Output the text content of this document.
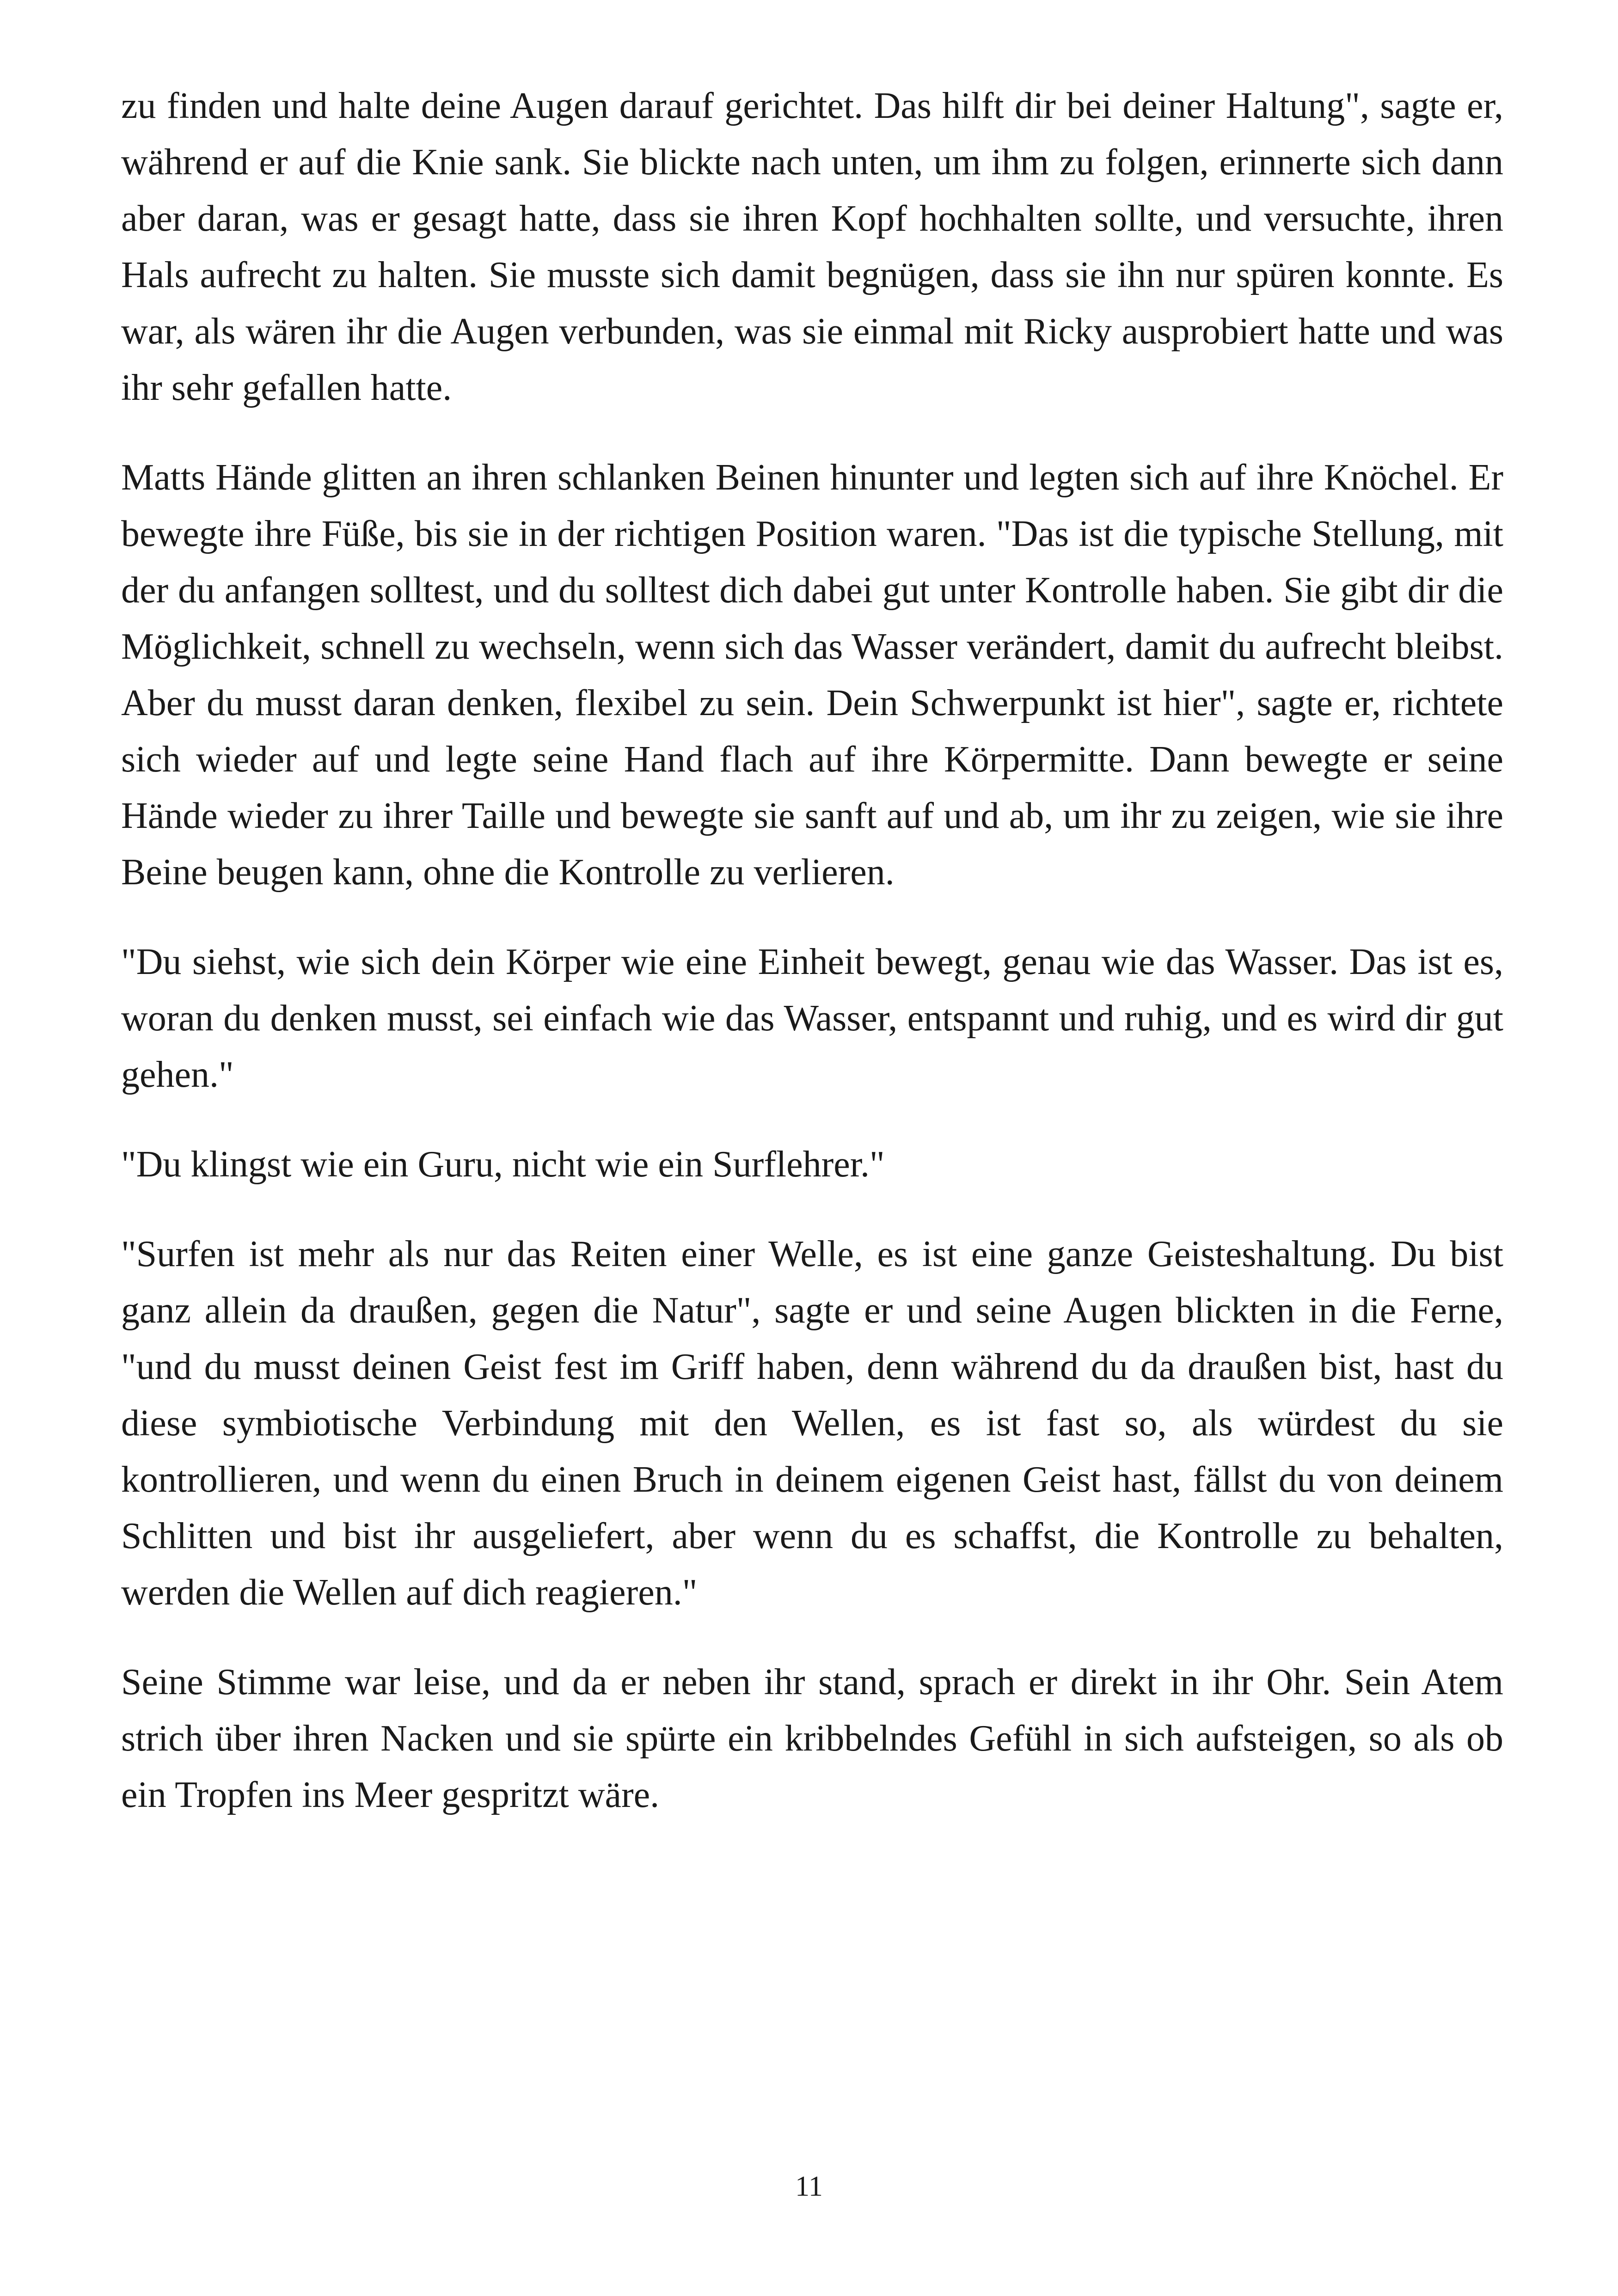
zu finden und halte deine Augen darauf gerichtet. Das hilft dir bei deiner Haltung", sagte er, während er auf die Knie sank. Sie blickte nach unten, um ihm zu folgen, erinnerte sich dann aber daran, was er gesagt hatte, dass sie ihren Kopf hochhalten sollte, und versuchte, ihren Hals aufrecht zu halten. Sie musste sich damit begnügen, dass sie ihn nur spüren konnte. Es war, als wären ihr die Augen verbunden, was sie einmal mit Ricky ausprobiert hatte und was ihr sehr gefallen hatte.

Matts Hände glitten an ihren schlanken Beinen hinunter und legten sich auf ihre Knöchel. Er bewegte ihre Füße, bis sie in der richtigen Position waren. "Das ist die typische Stellung, mit der du anfangen solltest, und du solltest dich dabei gut unter Kontrolle haben. Sie gibt dir die Möglichkeit, schnell zu wechseln, wenn sich das Wasser verändert, damit du aufrecht bleibst. Aber du musst daran denken, flexibel zu sein. Dein Schwerpunkt ist hier", sagte er, richtete sich wieder auf und legte seine Hand flach auf ihre Körpermitte. Dann bewegte er seine Hände wieder zu ihrer Taille und bewegte sie sanft auf und ab, um ihr zu zeigen, wie sie ihre Beine beugen kann, ohne die Kontrolle zu verlieren.

"Du siehst, wie sich dein Körper wie eine Einheit bewegt, genau wie das Wasser. Das ist es, woran du denken musst, sei einfach wie das Wasser, entspannt und ruhig, und es wird dir gut gehen."

"Du klingst wie ein Guru, nicht wie ein Surflehrer."

"Surfen ist mehr als nur das Reiten einer Welle, es ist eine ganze Geisteshaltung. Du bist ganz allein da draußen, gegen die Natur", sagte er und seine Augen blickten in die Ferne, "und du musst deinen Geist fest im Griff haben, denn während du da draußen bist, hast du diese symbiotische Verbindung mit den Wellen, es ist fast so, als würdest du sie kontrollieren, und wenn du einen Bruch in deinem eigenen Geist hast, fällst du von deinem Schlitten und bist ihr ausgeliefert, aber wenn du es schaffst, die Kontrolle zu behalten, werden die Wellen auf dich reagieren."

Seine Stimme war leise, und da er neben ihr stand, sprach er direkt in ihr Ohr. Sein Atem strich über ihren Nacken und sie spürte ein kribbelndes Gefühl in sich aufsteigen, so als ob ein Tropfen ins Meer gespritzt wäre.

11
